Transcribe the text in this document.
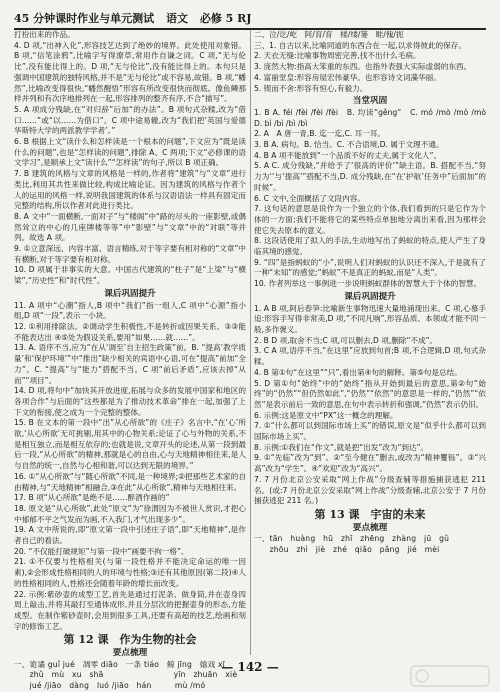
45 分钟课时作业与单元测试
语文
必修 5 RJ

打扮出来的作品。

4. D 项,“出神入化”,形容技艺达到了绝妙的境界。此处使用对象错。B 项,“信笔涂鸦”,比喻字写得潦草,常用作自谦之词。C 项,“无与伦比”,没有能比得上的。D 项,“无与伦比”,没有能比得上的。本句只是强调中国建筑的独特风格,并不是“无与伦比”或不容易,故错。B 项,“幡然”,比喻改变得很快,“幡然醒悟”形容有所改变很快而彻底。像鱼鳞那样并列和有次序地排列在一起,形容排列的整齐有序,不合“描写”。

5. A 项成分残缺,在“对归辞”后加“的办法”。B 项句式杂糅,改为“借口……”或“以……为借口”。C 项中途易辙,改为“我们把‘英国与爱德华斯特大学的两派教学学者’。”

6. B 根据上文“读什么和怎样读是一个根本的问题”,下文应为“既是读什么的问题”,也是“怎样读的问题”,排除 A、C 两项;下文“必修课的语文学习”,是顺承上文“读什么”“怎样读”的句子,所以 B 项正确。

7. B 建筑的风格与文章的风格是一样的,作者将“建筑”与“文章”进行类比,利用其共性来做比较,构成比喻论证。因为建筑的风格与作者个人的运用的风格一样,说明我国建筑的体系与汉语语法一样具有固定而完整的结构,所以作者对此进行类比。

8. A 文中“一面横断,一面对子”与“楼阁”中“路的尽头的一座影壁,或偶然耸立的中心的几座牌楼等等”中“影壁”与“文章”中的“对联”等并列。故选 A 项。

9. ①立意深远、内容丰富、语言精练,对于等字要有相对称的“文章”中有横断,对于等字要有相对称。

10. D 项属于非事实的大意。中国古代建筑的“柱子”是“上梁”与“横梁”,“历史性”和“时代性”。

课后巩固提升

11. A 项中“心潮”指人,B 项中“我们”指一组人,C 项中“心源”指小组,D 项“一段”,表示一小块。

12. ①利用排除法。②调动学生积极性,不是转折或因果关系。③③能不能表达出 ④⑤处为假设关系,要用“如果……就……”。

13. A. 语序不当,应为“在从‘调至’自主招生政策”前。B. “提高‘教学质量’和‘保护环境’”中“推出”缺少相关的宾语中心语,可在“提高”前加“全力”。C. “提高”与“能力”搭配不当。C 项“前后矛盾”,应该去掉“从而”“项目”。

14. D 项,将句中“加快其开放进度,拓展与众多的发展中国家和地区的各项合作”与后面的“这些都是为了推动技术革命”排在一起,加强了上下文的衔接,使之成为一个完整的整体。

15. B 在文本的第一段中“出”从心所欲”的《庄子》名言中,“在‘心’所欲,‘从心所欲’无可挑剔,用其中的心物关系;论证了心与外物的关系,不是相互独立,而是相互依存的;也就是说,文章开头的论述,从第一段到最后一段,“从心所欲”的精神,那就是心的自由,心与天地精神相往来,是人与自然的统一,自然与心相和谐,可以达到无限的境界。”

16. ①“从心所欲”与“随心所欲”不同,是一种境界;②把那些艺术家的自由精神,与“天地精神”相融合,③在此“从心所欲”,精神与天地相往来。

17. B 项“从心所欲”是绝不是……醉酒作画的”

18. 原文是“从心所欲”,此处“原文”为“徐渭因为不被世人赏识,才把心中郁郁不平之气发而为画,不入我门,才气出现多少”。

19. A 文中所说的,即“原文第一段中引述庄子语”,即“天地精神”,是作者自己的看法。

20. “不仅能打破规矩”与第一段中“画要不拘一格”。

21. ①不仅要与性格相关(与第一段性格并不能决定命运的唯一因素),②会形成性格相同的人的环境与性格;③还有其他原因(第二段)④人的性格相同的人,性格还会随着年龄的增长而改变。

22. 示例:紫砂壶的成型工艺,首先是通过打泥条、做身筒,并在壶身四周上敲击,并将其敲打至通体成形,并且分层次的把握壶身的形态,方能成型。在制作紫砂壶时,会用到很多工具,还要有高超的技艺,绘画和刻字的修饰工艺。

第 12 课　作为生物的社会
要点梳理
一、诡谲 guǐ jué　凋零 diāo　一条 tiáo　鲸 jīng　嬉戏 xī
　　zhǔ　mù　xu　shā　　　　　　　　　yīn　zhuān　xiè
　　jué /jiāo　dàng　luó /jiāo　hán　　　mù /mó

二、泣/讫/屹　阿/育/育　楼/缕/篓　畦/傀/扼

三、1. 自古以来,比喻同道的东西合在一起,以求得彼此的保存。

2. 天衣无缝:比喻事物周密完善,找不出什么毛病。

3. 庞然大物:指高大笨重的东西。也指外表强大实际虚弱的东西。

4. 富丽堂皇:形容房屋宏伟豪华。也形容诗文词藻华丽。

5. 锲而不舍:形容有恒心,有毅力。

当堂巩固

1. B A. féi /fèi /fèi /fèi　B. 均读“gěng”　C. mó /mò /mò /mò　D. bì /bì /bì /bì

2. A　A 唐一青,B. 迄一迄,C. 耳一耳。

3. B A. 病句。B. 恰当。C. 不合语境,D. 属于文理不通。

4. B A 项不能放到“一个品质不好的丈夫,属于文化人”。

5. A C. 成分残缺,“并给予了‘很高的评价’”缺主语。B. 搭配不当,“努力为‘’与‘提高’”搭配不当,D. 成分残缺,在“在‘护航’任务中”后面加“的时候”。

6. C 文中,全面概括了文段内容。

7. 这句话的意思是说作为一个独立的个体,我们看到的只是它作为个体的一方面;我们不能将它的某些特点单独地分离出来看,因为那样会使它失去原本的意义。

8. 这段话使用了拟人的手法,生动地写出了蚂蚁的特点,使人产生了身临其境的感觉。

9. “四”是指蚂蚁的“小”,说明人们对蚂蚁的认识还不深入,于是就有了一种“未知”的感觉;“蚂蚁”不是真正的蚂蚁,而是“人类”。

10. 作者列举这一事例进一步说明蚂蚁群体的智慧大于个体的智慧。

课后巩固提升

1. A B 项,阿后春笋:比喻新生事物迅速大量地涌现出来。C 项,心慕手追:形容手写得非常美,D 项,“不同凡响”,形容品质、本领或才能不同一般,多作褒义。

2. B D 项,取舍不当;C 项,可以删去,D 项,删除“不成”。

3. C A 项,语序不当,“在这里”应放到句首;B 项,不合逻辑,D 项,句式杂糅。

4. B 第①句“在这里”“只”,看出第④句的解释。第⑤句是总结。

5. D 第①句“始终”中的“始终”指从开始到最后的意思,第②句“始终”的“仍然”“但仍然如此”,“仍然”“依然”的意思是一样的,“仍然”“依然”是表示前后一致的意思,在句中表示转折和强调,“仍然”表示仍旧。

6. 示例:这是原文中“PX”这一概念的理解。

7. ①“什么都可以到国际市场上买”的错误,原文是“似乎什么都可以到国际市场上买”。

8. 示例:①我们在“作文”,就是把“出发”改为“到达”。

9. ①“先临”改为“到”。②“至今健在”删去,或改为“精神矍铄”。③“兴高”改为“学生”。④“欢迎”改为“高兴”。

7. 7 月份北京公安采取“网上作战”分级查辅等措施捕获逃犯 211 名。(或:7 月份北京公安采取“网上作战”分级查辅,北京公安于 7 月份捕获逃犯 211 名。)

第 13 课　宇宙的未来
要点梳理
一、tān　huàng　hū　zhī　zhēng　zhàng　jū　gǔ
　　zhōu　zhì　jiè　zhé　qiǎo　pǎng　jié　mèi
— 142 —
